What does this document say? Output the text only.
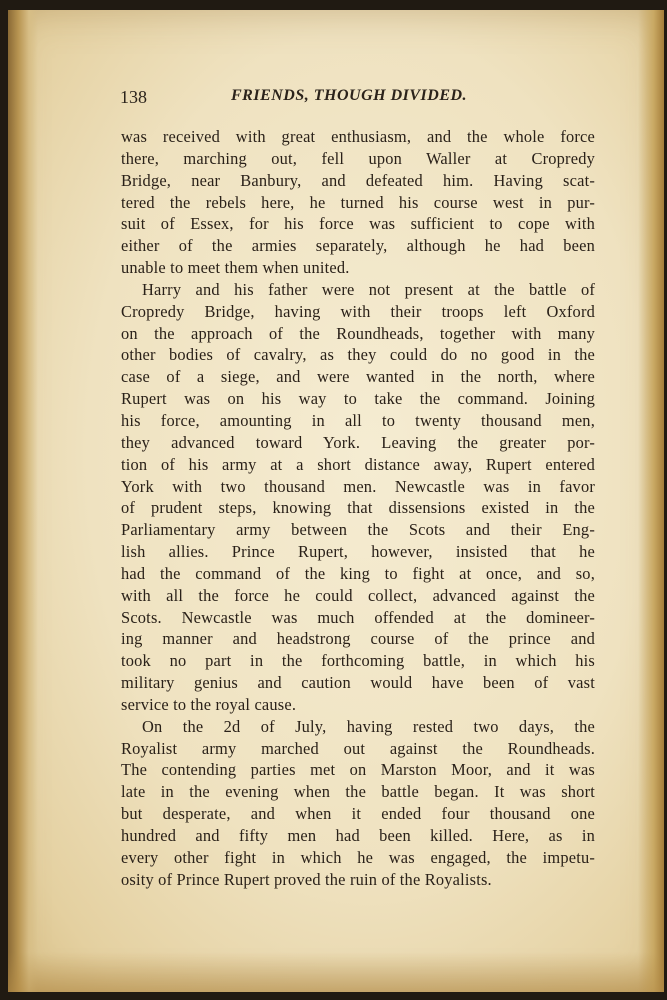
138	FRIENDS, THOUGH DIVIDED.
was received with great enthusiasm, and the whole force
there, marching out, fell upon Waller at Cropredy
Bridge, near Banbury, and defeated him. Having scat-
tered the rebels here, he turned his course west in pur-
suit of Essex, for his force was sufficient to cope with
either of the armies separately, although he had been
unable to meet them when united.
Harry and his father were not present at the battle of
Cropredy Bridge, having with their troops left Oxford
on the approach of the Roundheads, together with many
other bodies of cavalry, as they could do no good in the
case of a siege, and were wanted in the north, where
Rupert was on his way to take the command. Joining
his force, amounting in all to twenty thousand men,
they advanced toward York. Leaving the greater por-
tion of his army at a short distance away, Rupert entered
York with two thousand men. Newcastle was in favor
of prudent steps, knowing that dissensions existed in the
Parliamentary army between the Scots and their Eng-
lish allies. Prince Rupert, however, insisted that he
had the command of the king to fight at once, and so,
with all the force he could collect, advanced against the
Scots. Newcastle was much offended at the domineer-
ing manner and headstrong course of the prince and
took no part in the forthcoming battle, in which his
military genius and caution would have been of vast
service to the royal cause.
On the 2d of July, having rested two days, the
Royalist army marched out against the Roundheads.
The contending parties met on Marston Moor, and it was
late in the evening when the battle began. It was short
but desperate, and when it ended four thousand one
hundred and fifty men had been killed. Here, as in
every other fight in which he was engaged, the impetu-
osity of Prince Rupert proved the ruin of the Royalists.
